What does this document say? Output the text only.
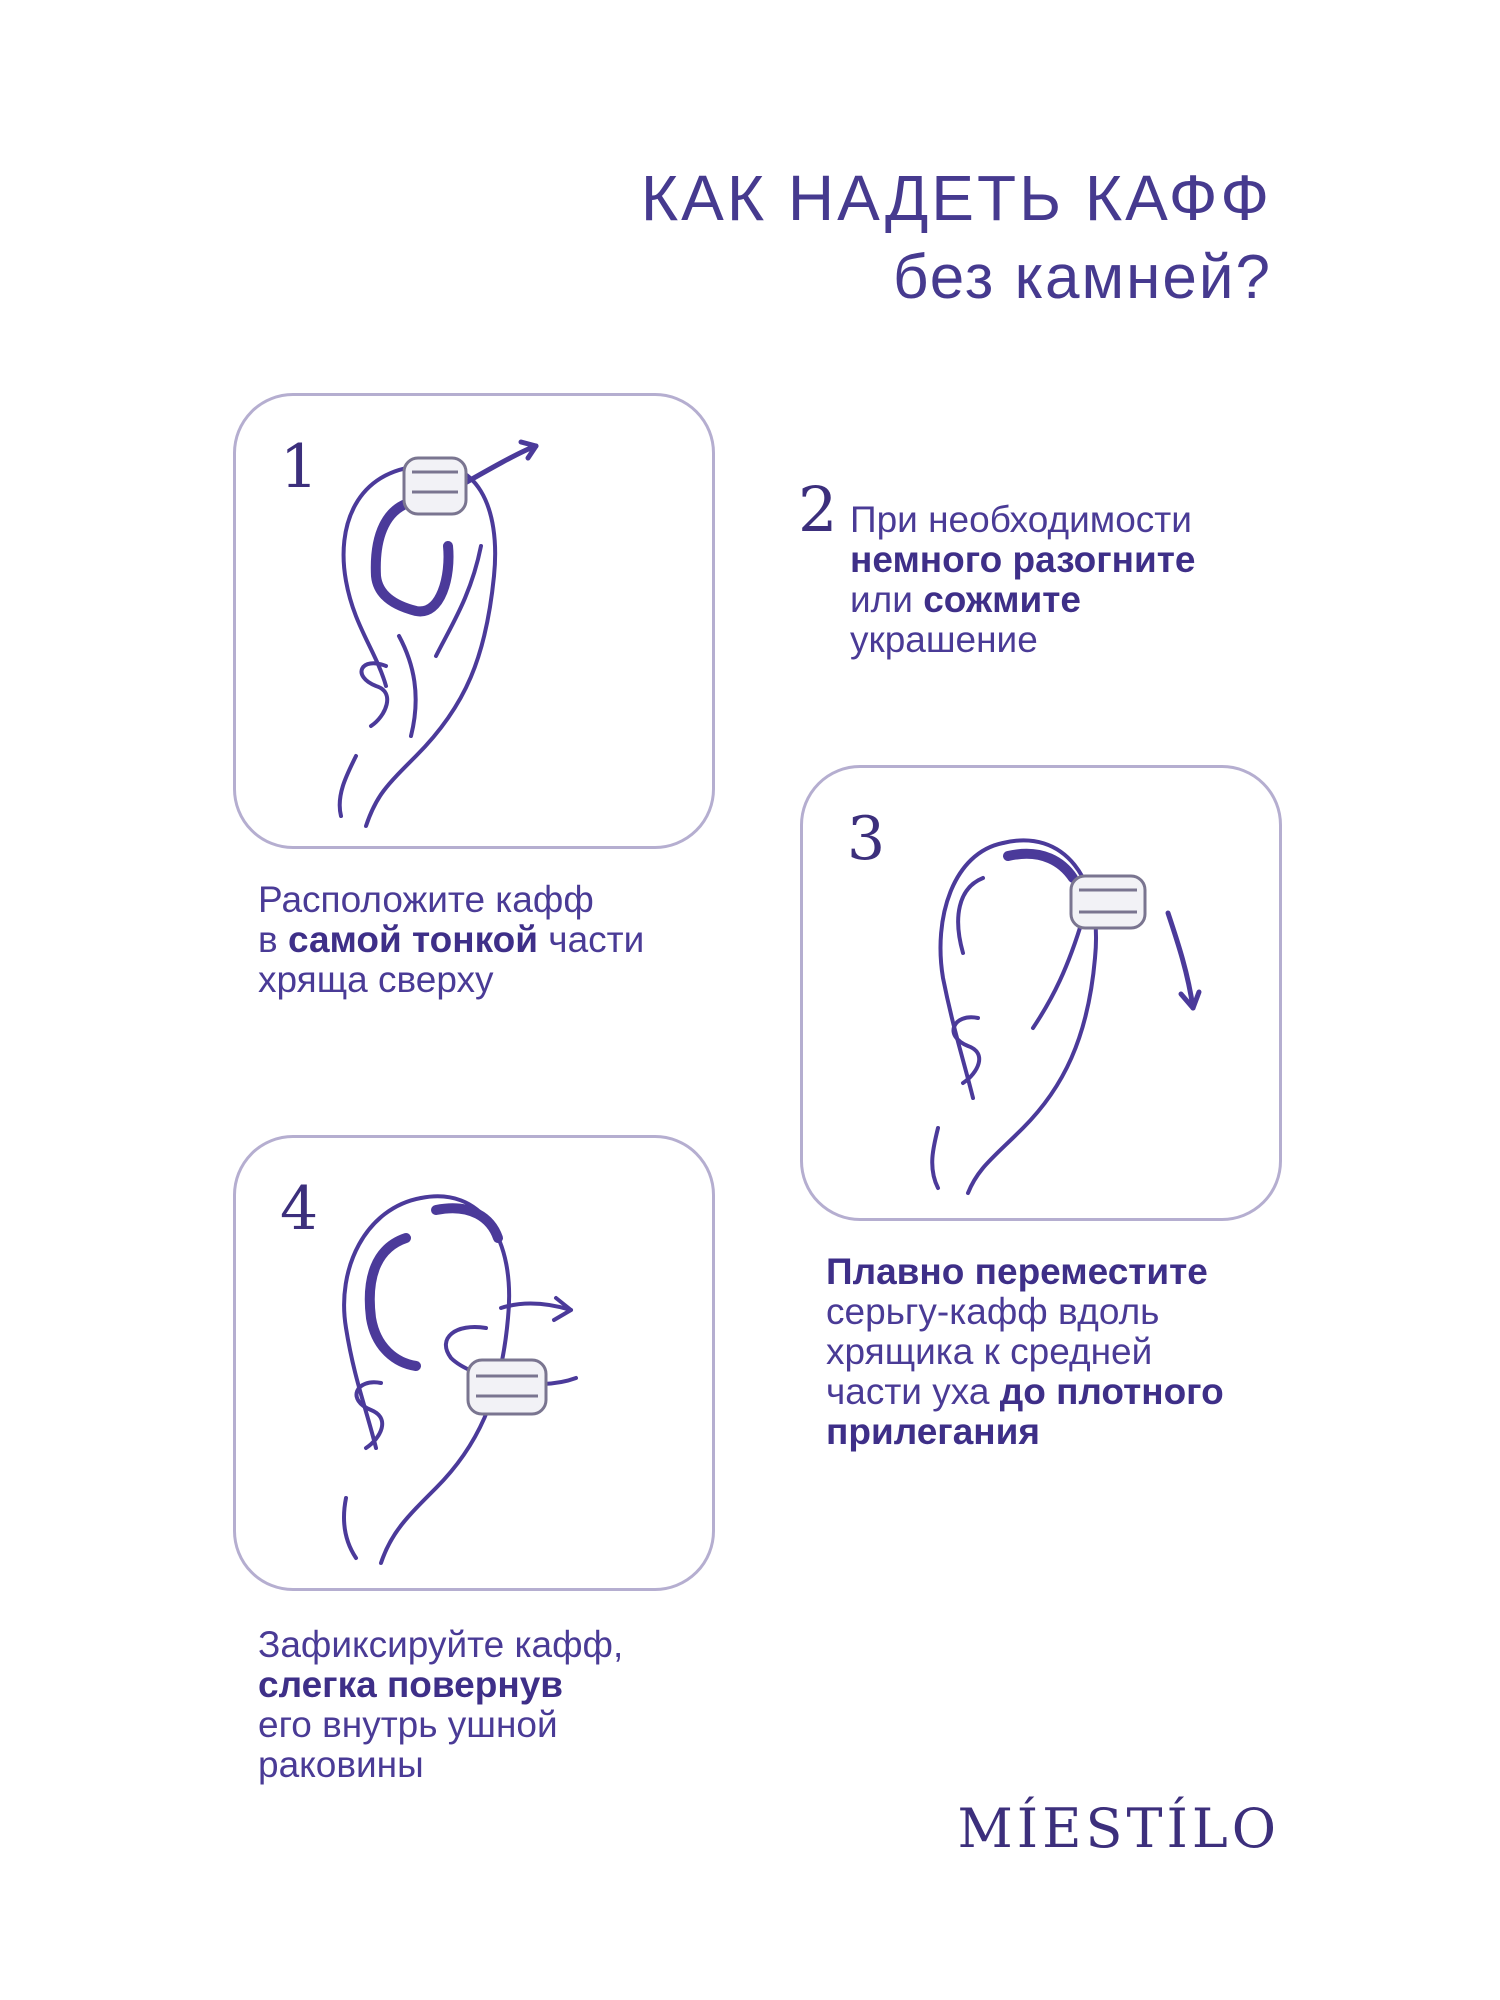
КАК НАДЕТЬ КАФФ
без камней?
1
Расположите кафф
в самой тонкой части
хряща сверху
2 При необходимости
немного разогните
или сожмите
украшение
3
Плавно переместите
серьгу-кафф вдоль
хрящика к средней
части уха до плотного
прилегания
4
Зафиксируйте кафф,
слегка повернув
его внутрь ушной
раковины
MÍESTÍLO
